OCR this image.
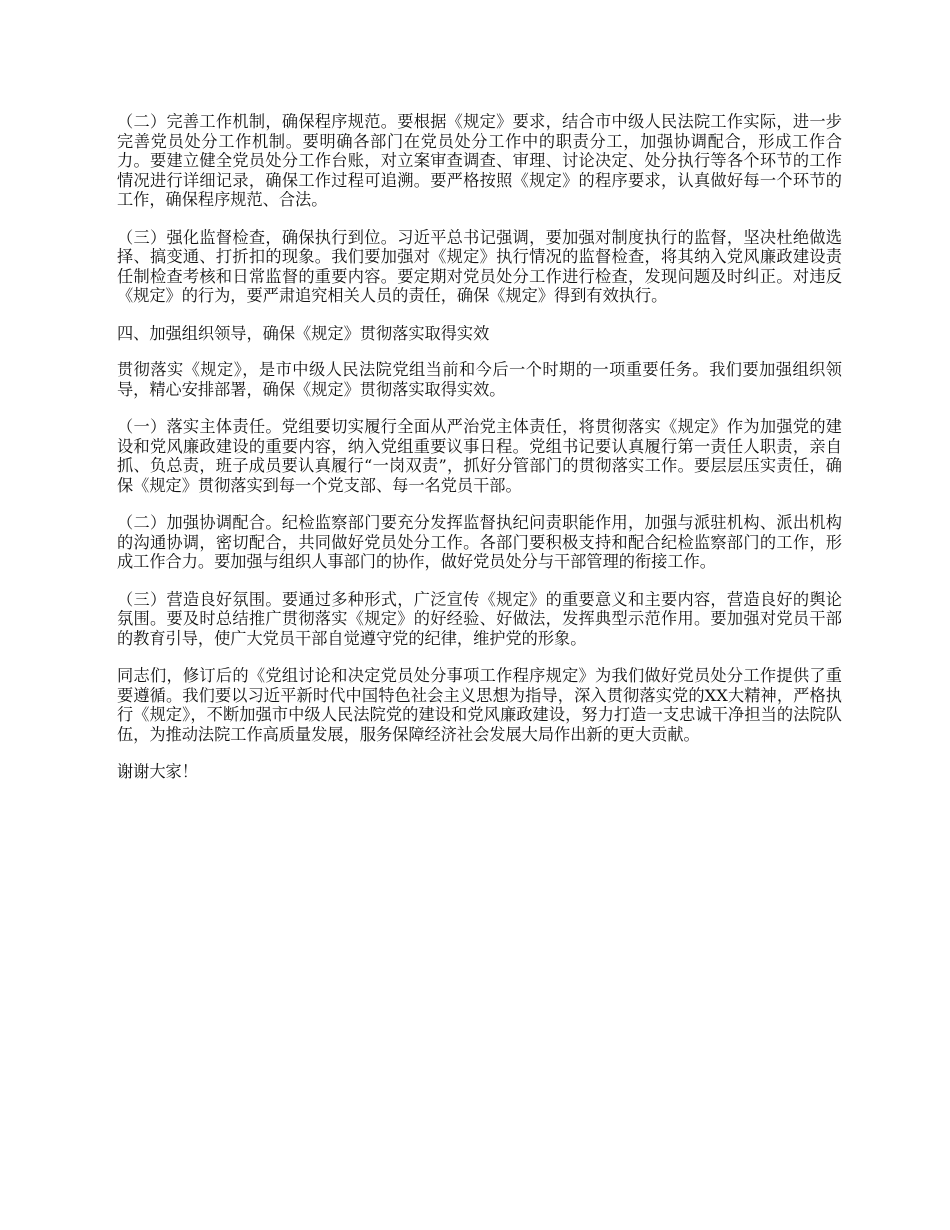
（二）完善工作机制，确保程序规范。要根据《规定》要求，结合市中级人民法院工作实际，进一步完善党员处分工作机制。要明确各部门在党员处分工作中的职责分工，加强协调配合，形成工作合力。要建立健全党员处分工作台账，对立案审查调查、审理、讨论决定、处分执行等各个环节的工作情况进行详细记录，确保工作过程可追溯。要严格按照《规定》的程序要求，认真做好每一个环节的工作，确保程序规范、合法。

（三）强化监督检查，确保执行到位。习近平总书记强调，要加强对制度执行的监督，坚决杜绝做选择、搞变通、打折扣的现象。我们要加强对《规定》执行情况的监督检查，将其纳入党风廉政建设责任制检查考核和日常监督的重要内容。要定期对党员处分工作进行检查，发现问题及时纠正。对违反《规定》的行为，要严肃追究相关人员的责任，确保《规定》得到有效执行。

四、加强组织领导，确保《规定》贯彻落实取得实效

贯彻落实《规定》，是市中级人民法院党组当前和今后一个时期的一项重要任务。我们要加强组织领导，精心安排部署，确保《规定》贯彻落实取得实效。

（一）落实主体责任。党组要切实履行全面从严治党主体责任，将贯彻落实《规定》作为加强党的建设和党风廉政建设的重要内容，纳入党组重要议事日程。党组书记要认真履行第一责任人职责，亲自抓、负总责，班子成员要认真履行“一岗双责”，抓好分管部门的贯彻落实工作。要层层压实责任，确保《规定》贯彻落实到每一个党支部、每一名党员干部。

（二）加强协调配合。纪检监察部门要充分发挥监督执纪问责职能作用，加强与派驻机构、派出机构的沟通协调，密切配合，共同做好党员处分工作。各部门要积极支持和配合纪检监察部门的工作，形成工作合力。要加强与组织人事部门的协作，做好党员处分与干部管理的衔接工作。

（三）营造良好氛围。要通过多种形式，广泛宣传《规定》的重要意义和主要内容，营造良好的舆论氛围。要及时总结推广贯彻落实《规定》的好经验、好做法，发挥典型示范作用。要加强对党员干部的教育引导，使广大党员干部自觉遵守党的纪律，维护党的形象。

同志们，修订后的《党组讨论和决定党员处分事项工作程序规定》为我们做好党员处分工作提供了重要遵循。我们要以习近平新时代中国特色社会主义思想为指导，深入贯彻落实党的XX大精神，严格执行《规定》，不断加强市中级人民法院党的建设和党风廉政建设，努力打造一支忠诚干净担当的法院队伍，为推动法院工作高质量发展，服务保障经济社会发展大局作出新的更大贡献。

谢谢大家！
